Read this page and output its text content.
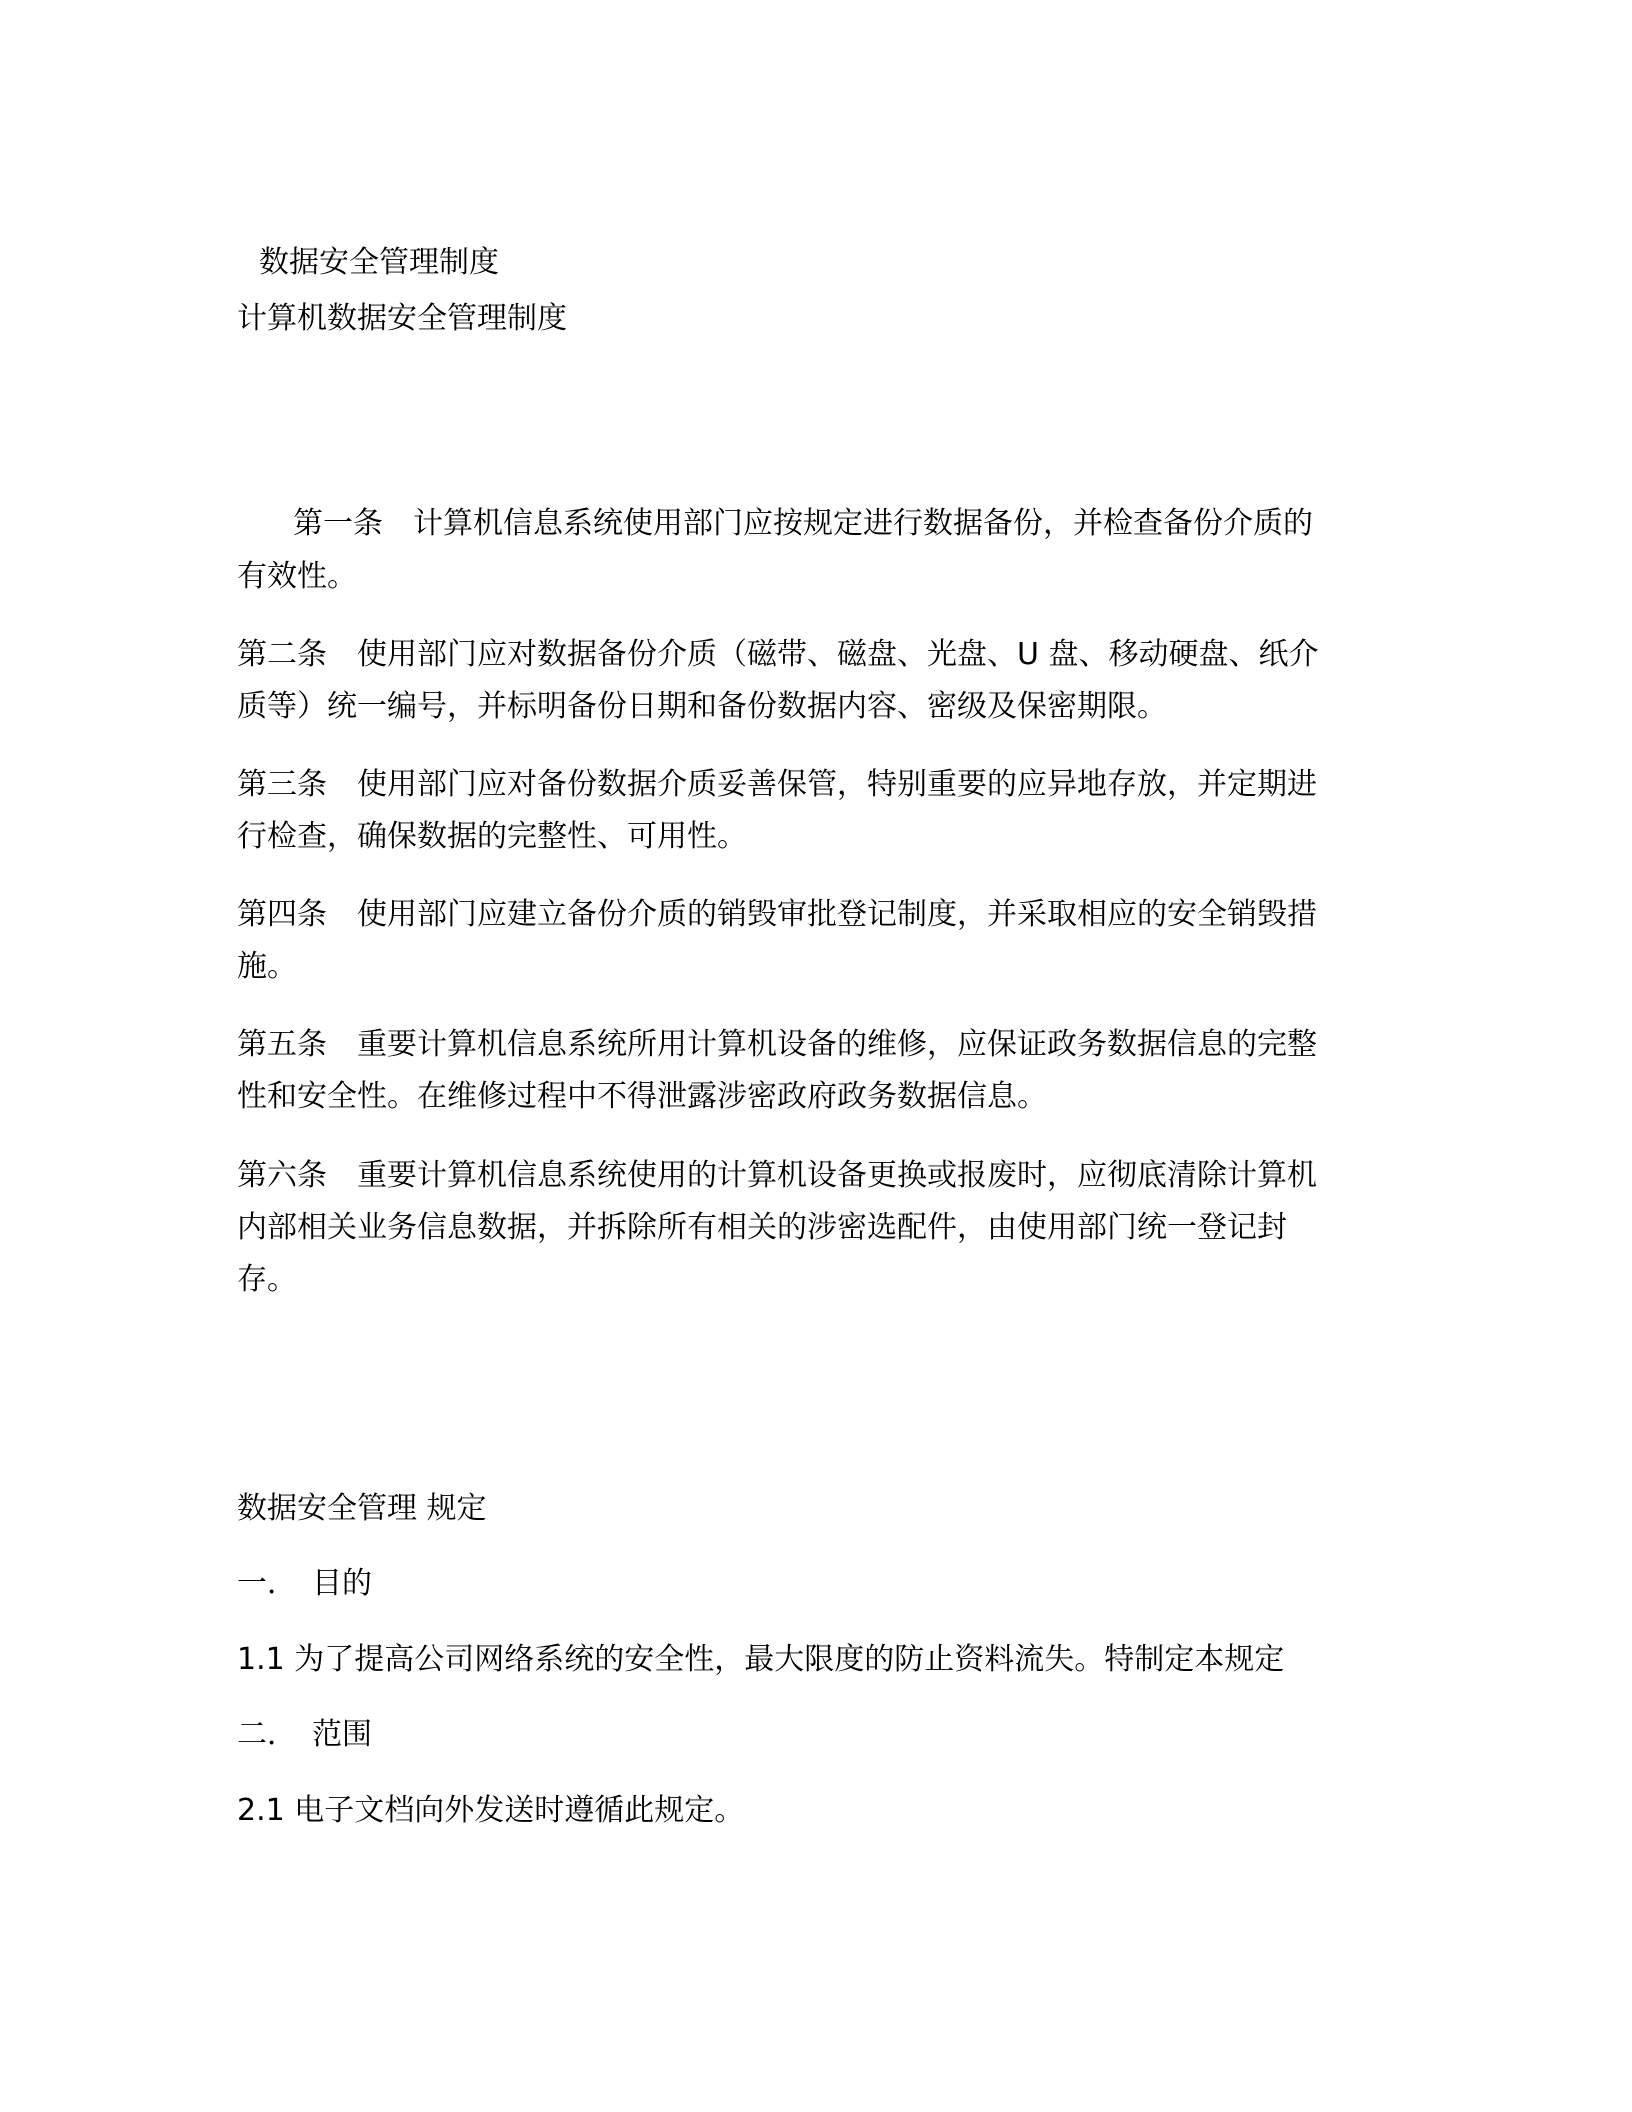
数据安全管理制度
计算机数据安全管理制度
第一条　计算机信息系统使用部门应按规定进行数据备份，并检查备份介质的
有效性。
第二条　使用部门应对数据备份介质（磁带、磁盘、光盘、U 盘、移动硬盘、纸介
质等）统一编号，并标明备份日期和备份数据内容、密级及保密期限。
第三条　使用部门应对备份数据介质妥善保管，特别重要的应异地存放，并定期进
行检查，确保数据的完整性、可用性。
第四条　使用部门应建立备份介质的销毁审批登记制度，并采取相应的安全销毁措
施。
第五条　重要计算机信息系统所用计算机设备的维修，应保证政务数据信息的完整
性和安全性。在维修过程中不得泄露涉密政府政务数据信息。
第六条　重要计算机信息系统使用的计算机设备更换或报废时，应彻底清除计算机
内部相关业务信息数据，并拆除所有相关的涉密选配件，由使用部门统一登记封
存。
数据安全管理 规定
一．　目的
1.1 为了提高公司网络系统的安全性，最大限度的防止资料流失。特制定本规定
二．　范围
2.1 电子文档向外发送时遵循此规定。
